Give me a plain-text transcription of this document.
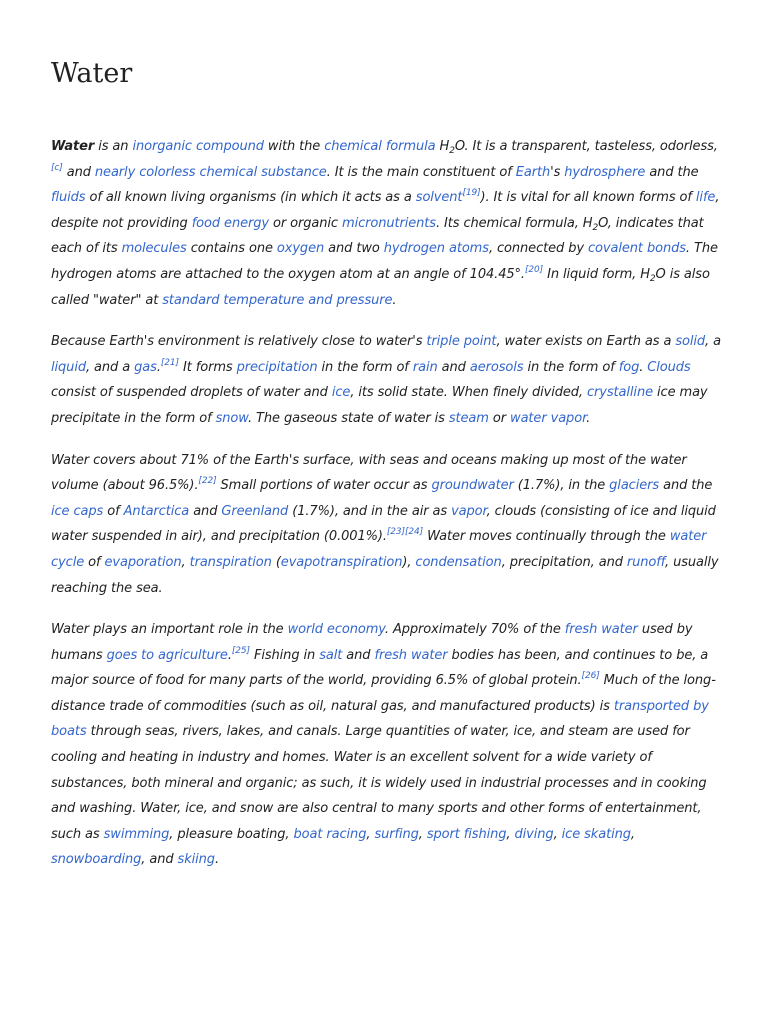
Water

Water is an inorganic compound with the chemical formula $H_2O$. It is a transparent, tasteless, odorless,[c] and nearly colorless chemical substance. It is the main constituent of Earth's hydrosphere and the fluids of all known living organisms (in which it acts as a solvent[19]). It is vital for all known forms of life, despite not providing food energy or organic micronutrients. Its chemical formula, $H_2O$, indicates that each of its molecules contains one oxygen and two hydrogen atoms, connected by covalent bonds. The hydrogen atoms are attached to the oxygen atom at an angle of 104.45°.[20] In liquid form, $H_2O$ is also called "water" at standard temperature and pressure.

Because Earth's environment is relatively close to water's triple point, water exists on Earth as a solid, a liquid, and a gas.[21] It forms precipitation in the form of rain and aerosols in the form of fog. Clouds consist of suspended droplets of water and ice, its solid state. When finely divided, crystalline ice may precipitate in the form of snow. The gaseous state of water is steam or water vapor.

Water covers about 71% of the Earth's surface, with seas and oceans making up most of the water volume (about 96.5%).[22] Small portions of water occur as groundwater (1.7%), in the glaciers and the ice caps of Antarctica and Greenland (1.7%), and in the air as vapor, clouds (consisting of ice and liquid water suspended in air), and precipitation (0.001%).[23][24] Water moves continually through the water cycle of evaporation, transpiration (evapotranspiration), condensation, precipitation, and runoff, usually reaching the sea.

Water plays an important role in the world economy. Approximately 70% of the fresh water used by humans goes to agriculture.[25] Fishing in salt and fresh water bodies has been, and continues to be, a major source of food for many parts of the world, providing 6.5% of global protein.[26] Much of the long-distance trade of commodities (such as oil, natural gas, and manufactured products) is transported by boats through seas, rivers, lakes, and canals. Large quantities of water, ice, and steam are used for cooling and heating in industry and homes. Water is an excellent solvent for a wide variety of substances, both mineral and organic; as such, it is widely used in industrial processes and in cooking and washing. Water, ice, and snow are also central to many sports and other forms of entertainment, such as swimming, pleasure boating, boat racing, surfing, sport fishing, diving, ice skating, snowboarding, and skiing.
